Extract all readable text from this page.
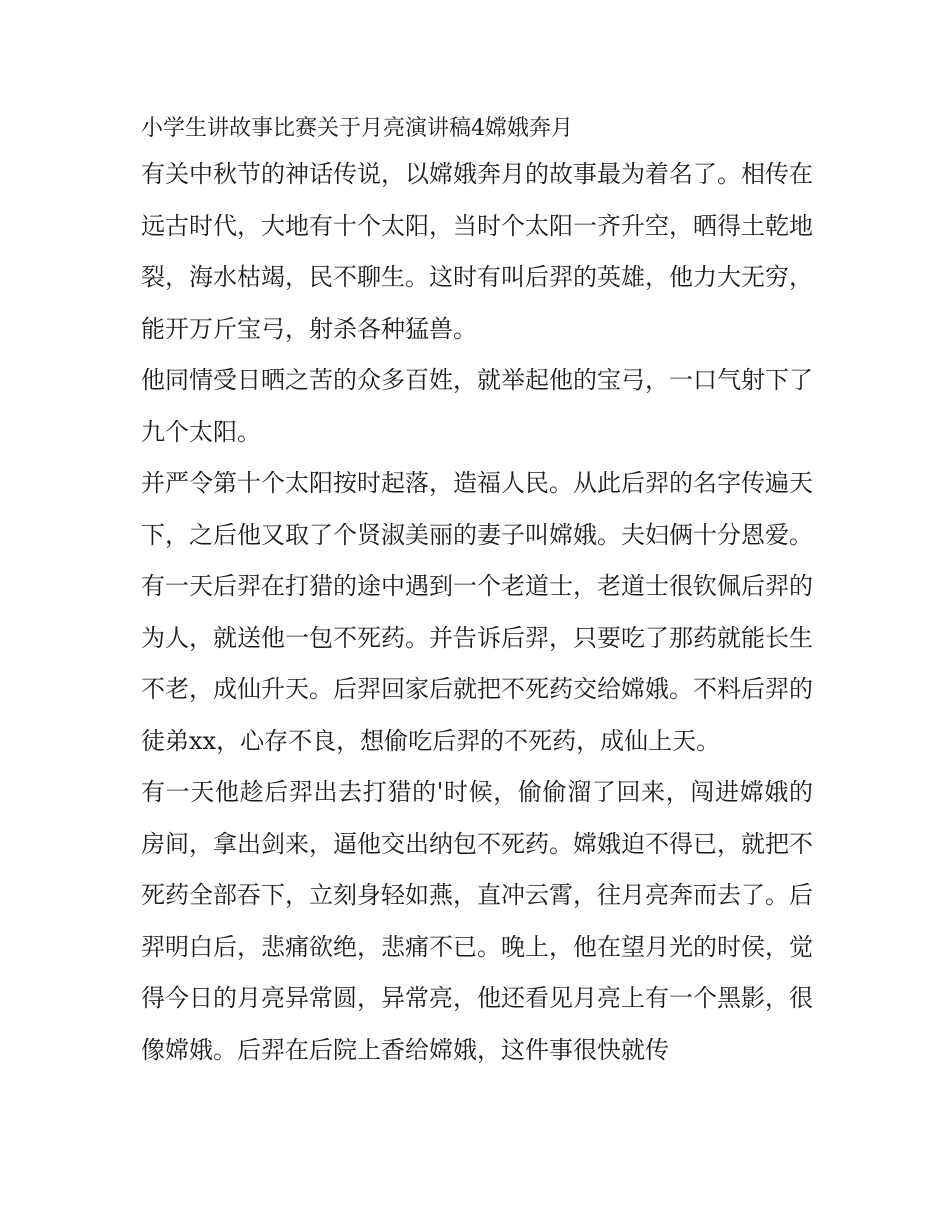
小学生讲故事比赛关于月亮演讲稿4嫦娥奔月

有关中秋节的神话传说，以嫦娥奔月的故事最为着名了。相传在远古时代，大地有十个太阳，当时个太阳一齐升空，晒得土乾地裂，海水枯竭，民不聊生。这时有叫后羿的英雄，他力大无穷，能开万斤宝弓，射杀各种猛兽。

他同情受日晒之苦的众多百姓，就举起他的宝弓，一口气射下了九个太阳。

并严令第十个太阳按时起落，造福人民。从此后羿的名字传遍天下，之后他又取了个贤淑美丽的妻子叫嫦娥。夫妇俩十分恩爱。有一天后羿在打猎的途中遇到一个老道士，老道士很钦佩后羿的为人，就送他一包不死药。并告诉后羿，只要吃了那药就能长生不老，成仙升天。后羿回家后就把不死药交给嫦娥。不料后羿的徒弟xx，心存不良，想偷吃后羿的不死药，成仙上天。

有一天他趁后羿出去打猎的'时候，偷偷溜了回来，闯进嫦娥的房间，拿出剑来，逼他交出纳包不死药。嫦娥迫不得已，就把不死药全部吞下，立刻身轻如燕，直冲云霄，往月亮奔而去了。后羿明白后，悲痛欲绝，悲痛不已。晚上，他在望月光的时侯，觉得今日的月亮异常圆，异常亮，他还看见月亮上有一个黑影，很像嫦娥。后羿在后院上香给嫦娥，这件事很快就传
